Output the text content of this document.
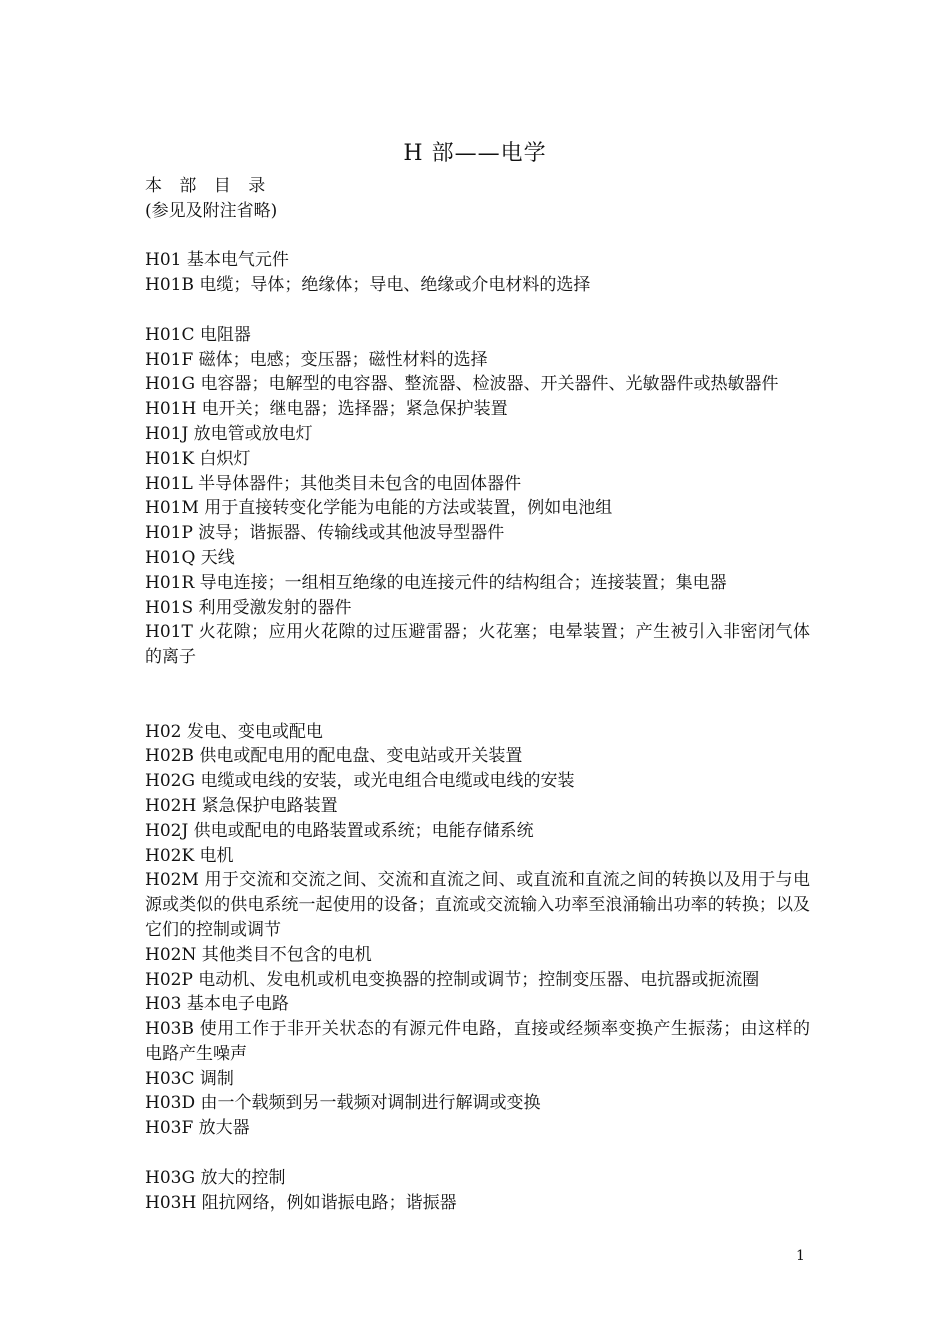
H 部——电学
本 部 目 录
(参见及附注省略)
H01 基本电气元件
H01B 电缆；导体；绝缘体；导电、绝缘或介电材料的选择
H01C 电阻器
H01F 磁体；电感；变压器；磁性材料的选择
H01G 电容器；电解型的电容器、整流器、检波器、开关器件、光敏器件或热敏器件
H01H 电开关；继电器；选择器；紧急保护装置
H01J 放电管或放电灯
H01K 白炽灯
H01L 半导体器件；其他类目未包含的电固体器件
H01M 用于直接转变化学能为电能的方法或装置，例如电池组
H01P 波导；谐振器、传输线或其他波导型器件
H01Q 天线
H01R 导电连接；一组相互绝缘的电连接元件的结构组合；连接装置；集电器
H01S 利用受激发射的器件
H01T 火花隙；应用火花隙的过压避雷器；火花塞；电晕装置；产生被引入非密闭气体的离子
H02 发电、变电或配电
H02B 供电或配电用的配电盘、变电站或开关装置
H02G 电缆或电线的安装，或光电组合电缆或电线的安装
H02H 紧急保护电路装置
H02J 供电或配电的电路装置或系统；电能存储系统
H02K 电机
H02M 用于交流和交流之间、交流和直流之间、或直流和直流之间的转换以及用于与电源或类似的供电系统一起使用的设备；直流或交流输入功率至浪涌输出功率的转换；以及它们的控制或调节
H02N 其他类目不包含的电机
H02P 电动机、发电机或机电变换器的控制或调节；控制变压器、电抗器或扼流圈
H03 基本电子电路
H03B 使用工作于非开关状态的有源元件电路，直接或经频率变换产生振荡；由这样的电路产生噪声
H03C 调制
H03D 由一个载频到另一载频对调制进行解调或变换
H03F 放大器
H03G 放大的控制
H03H 阻抗网络，例如谐振电路；谐振器
1
